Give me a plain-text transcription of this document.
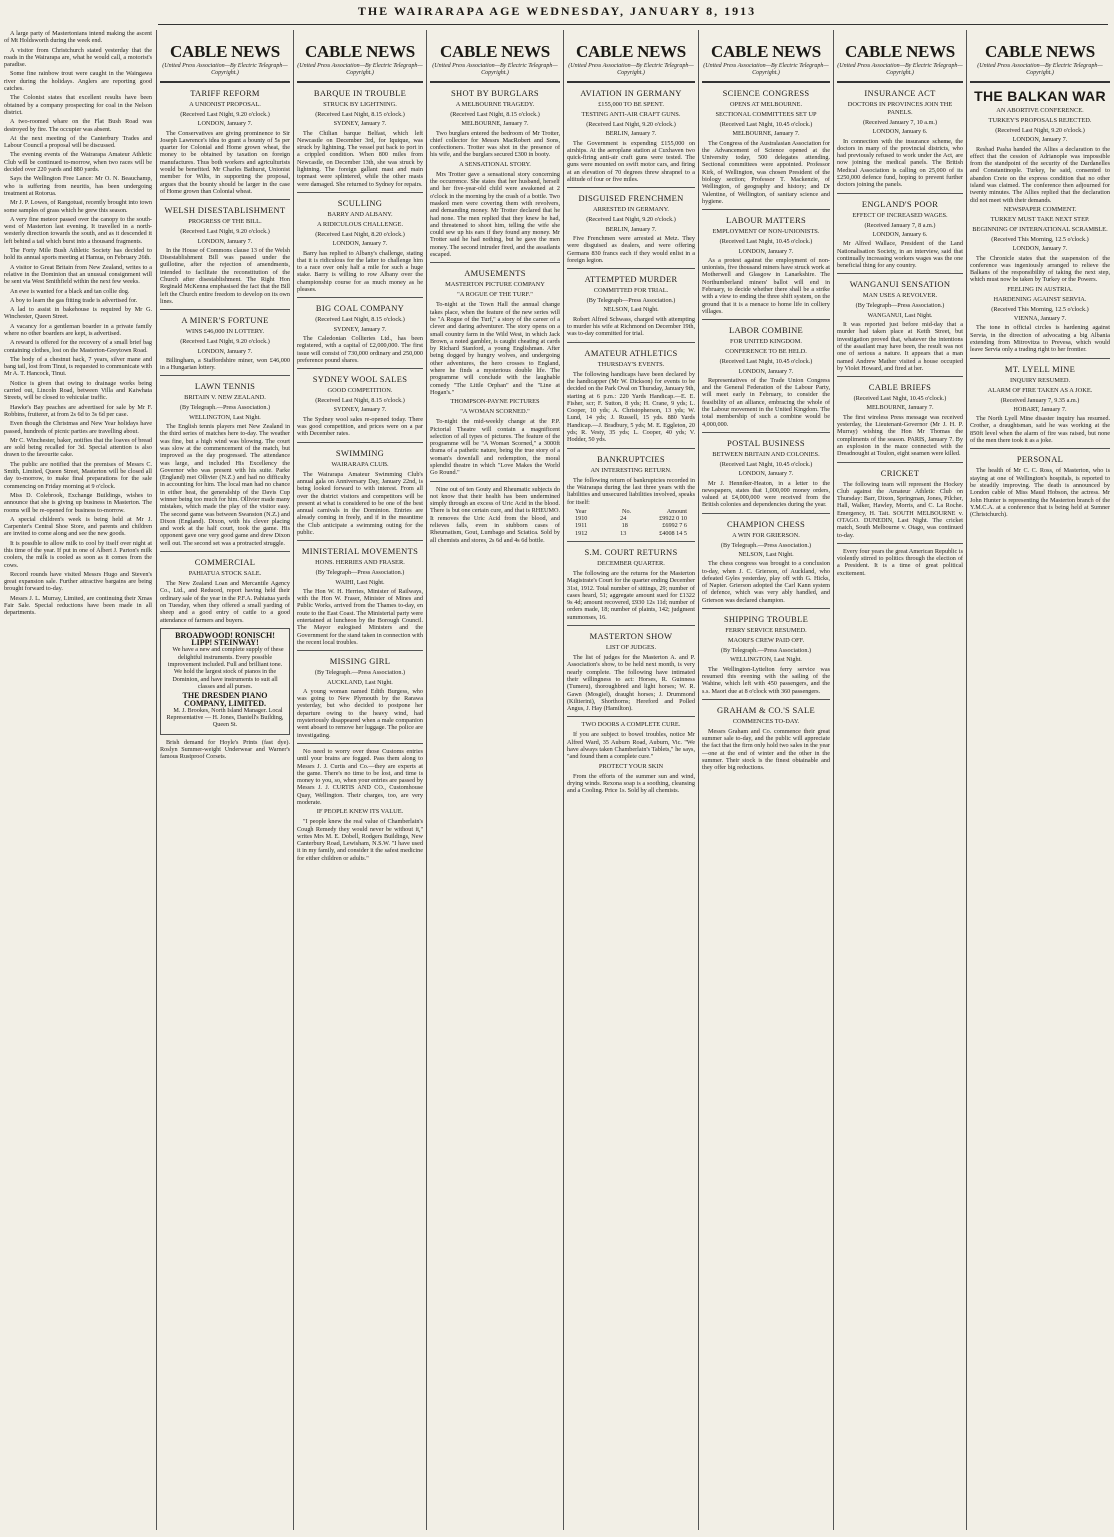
THE WAIRARAPA AGE WEDNESDAY, JANUARY 8, 1913

A large party of Mastertonians intend making the ascent of Mt Holdsworth during the week end.

A visitor from Christchurch stated yesterday that the roads in the Wairarapa are, what he would call, a motorist's paradise.

Some fine rainbow trout were caught in the Waingawa river during the holidays. Anglers are reporting good catches.

The Colonist states that excellent results have been obtained by a company prospecting for coal in the Nelson district.

A two-roomed whare on the Flat Bush Road was destroyed by fire. The occupier was absent.

At the next meeting of the Canterbury Trades and Labour Council a proposal will be discussed.

The evening events of the Wairarapa Amateur Athletic Club will be continued to-morrow, when two races will be decided over 220 yards and 880 yards.

Says the Wellington Free Lance: Mr O. N. Beauchamp, who is suffering from neuritis, has been undergoing treatment at Rotorua.

Mr J. P. Lowes, of Rangotuai, recently brought into town some samples of grass which he grew this season.

A very fine meteor passed over the canopy to the south-west of Masterton last evening. It travelled in a north-westerly direction towards the south, and as it descended it left behind a tail which burst into a thousand fragments.

The Forty Mile Bush Athletic Society has decided to hold its annual sports meeting at Hamua, on February 26th.

A visitor to Great Britain from New Zealand, writes to a relative in the Dominion that an unusual consignment will be sent via West Smithfield within the next few weeks.

An ewe is wanted for a black and tan collie dog.

A boy to learn the gas fitting trade is advertised for.

A lad to assist in bakehouse is required by Mr G. Winchester, Queen Street.

A vacancy for a gentleman boarder in a private family where no other boarders are kept, is advertised.

A reward is offered for the recovery of a small brief bag containing clothes, lost on the Masterton-Greytown Road.

The body of a chestnut hack, 7 years, silver mane and bang tail, lost from Tinui, is requested to communicate with Mr A. T. Hancock, Tinui.

Notice is given that owing to drainage works being carried out, Lincoln Road, between Villa and Kaiwhata Streets, will be closed to vehicular traffic.

Hawke's Bay peaches are advertised for sale by Mr F. Robbins, fruiterer, at from 2s 6d to 3s 6d per case.

Even though the Christmas and New Year holidays have passed, hundreds of picnic parties are travelling about.

Mr C. Winchester, baker, notifies that the loaves of bread are sold being recalled for 3d. Special attention is also drawn to the favourite cake.

The public are notified that the premises of Messrs C. Smith, Limited, Queen Street, Masterton will be closed all day to-morrow, to make final preparations for the sale commencing on Friday morning at 9 o'clock.

Miss D. Colebrook, Exchange Buildings, wishes to announce that she is giving up business in Masterton. The rooms will be re-opened for business to-morrow.

A special children's week is being held at Mr J. Carpenter's Central Shoe Store, and parents and children are invited to come along and see the new goods.

It is possible to allow milk to cool by itself over night at this time of the year. If put in one of Albert J. Parton's milk coolers, the milk is cooled as soon as it comes from the cows.

Record rounds have visited Messrs Hugo and Steven's great expansion sale. Further attractive bargains are being brought forward to-day.

Messrs J. L. Murray, Limited, are continuing their Xmas Fair Sale. Special reductions have been made in all departments.

CABLE NEWS
(United Press Association—By Electric Telegraph—Copyright.)
TARIFF REFORM
A UNIONIST PROPOSAL.
(Received Last Night, 9.20 o'clock.)
LONDON, January 7.

The Conservatives are giving prominence to Sir Joseph Lawrence's idea to grant a bounty of 5s per quarter for Colonial and Home grown wheat, the money to be obtained by taxation on foreign manufactures. Thus both workers and agriculturists would be benefited. Mr Charles Bathurst, Unionist member for Wilts, in supporting the proposal, argues that the bounty should be larger in the case of Home grown than Colonial wheat.

WELSH DISESTABLISHMENT
PROGRESS OF THE BILL.
(Received Last Night, 9.20 o'clock.)
LONDON, January 7.

In the House of Commons clause 13 of the Welsh Disestablishment Bill was passed under the guillotine, after the rejection of amendments, intended to facilitate the reconstitution of the Church after disestablishment. The Right Hon Reginald McKenna emphasised the fact that the Bill left the Church entire freedom to develop on its own lines.

A MINER'S FORTUNE
WINS £46,000 IN LOTTERY.
(Received Last Night, 9.20 o'clock.)
LONDON, January 7.

Billingham, a Staffordshire miner, won £46,000 in a Hungarian lottery.

LAWN TENNIS
BRITAIN V. NEW ZEALAND.
(By Telegraph.—Press Association.)
WELLINGTON, Last Night.

The English tennis players met New Zealand in the third series of matches here to-day. The weather was fine, but a high wind was blowing. The court was slow at the commencement of the match, but improved as the day progressed. The attendance was large, and included His Excellency the Governor who was present with his suite. Parke (England) met Ollivier (N.Z.) and had no difficulty in accounting for him. The local man had no chance in either heat, the generalship of the Davis Cup winner being too much for him. Ollivier made many mistakes, which made the play of the visitor easy. The second game was between Swanston (N.Z.) and Dixon (England). Dixon, with his clever placing and work at the half court, took the game. His opponent gave one very good game and drew Dixon well out. The second set was a protracted struggle.

COMMERCIAL
PAHIATUA STOCK SALE.

The New Zealand Loan and Mercantile Agency Co., Ltd., and Reduced, report having held their ordinary sale of the year in the P.F.A. Pahiatua yards on Tuesday, when they offered a small yarding of sheep and a good entry of cattle to a good attendance of farmers and buyers.

BROADWOOD! RONISCH! LIPP! STEINWAY!

We have a new and complete supply of these delightful instruments. Every possible improvement included. Full and brilliant tone. We hold the largest stock of pianos in the Dominion, and have instruments to suit all classes and all purses.

THE DRESDEN PIANO COMPANY, LIMITED.

M. J. Brookes, North Island Manager. Local Representative — H. Jones, Daniell's Building, Queen St.

Brish demand for Hoyle's Prints (fast dye). Roslyn Summer-weight Underwear and Warner's famous Rustproof Corsets.

CABLE NEWS
(United Press Association—By Electric Telegraph—Copyright.)
BARQUE IN TROUBLE
STRUCK BY LIGHTNING.
(Received Last Night, 8.15 o'clock.)
SYDNEY, January 7.

The Chilian barque Belfast, which left Newcastle on December 3rd, for Iquique, was struck by lightning. The vessel put back to port in a crippled condition. When 800 miles from Newcastle, on December 13th, she was struck by lightning. The foreign gallant mast and main topmast were splintered, while the other masts were damaged. She returned to Sydney for repairs.

SCULLING
BARRY AND ALBANY.
A RIDICULOUS CHALLENGE.
(Received Last Night, 8.20 o'clock.)
LONDON, January 7.

Barry has replied to Albany's challenge, stating that it is ridiculous for the latter to challenge him to a race over only half a mile for such a huge stake. Barry is willing to row Albany over the championship course for as much money as he pleases.

BIG COAL COMPANY
(Received Last Night, 8.15 o'clock.)
SYDNEY, January 7.

The Caledonian Collieries Ltd., has been registered, with a capital of £2,000,000. The first issue will consist of 730,000 ordinary and 250,000 preference pound shares.

SYDNEY WOOL SALES
GOOD COMPETITION.
(Received Last Night, 8.15 o'clock.)
SYDNEY, January 7.

The Sydney wool sales re-opened today. There was good competition, and prices were on a par with December rates.

SWIMMING
WAIRARAPA CLUB.

The Wairarapa Amateur Swimming Club's annual gala on Anniversary Day, January 22nd, is being looked forward to with interest. From all over the district visitors and competitors will be present at what is considered to be one of the best annual carnivals in the Dominion. Entries are already coming in freely, and if in the meantime the Club anticipate a swimming outing for the public.

MINISTERIAL MOVEMENTS
HONS. HERRIES AND FRASER.
(By Telegraph—Press Association.)
WAIHI, Last Night.

The Hon W. H. Herries, Minister of Railways, with the Hon W. Fraser, Minister of Mines and Public Works, arrived from the Thames to-day, en route to the East Coast. The Ministerial party were entertained at luncheon by the Borough Council. The Mayor eulogised Ministers and the Government for the stand taken in connection with the recent local troubles.

MISSING GIRL
(By Telegraph.—Press Association.)
AUCKLAND, Last Night.

A young woman named Edith Burgess, who was going to New Plymouth by the Rarawa yesterday, but who decided to postpone her departure owing to the heavy wind, had mysteriously disappeared when a male companion went aboard to remove her luggage. The police are investigating.

No need to worry over those Customs entries until your brains are fogged. Pass them along to Messrs J. J. Curtis and Co.—they are experts at the game. There's no time to be lost, and time is money to you, so, when your entries are passed by Messrs J. J. CURTIS AND CO., Customhouse Quay, Wellington. Their charges, too, are very moderate.

IF PEOPLE KNEW ITS VALUE.

"I people knew the real value of Chamberlain's Cough Remedy they would never be without it," writes Mrs M. E. Dobell, Rodgers Buildings, New Canterbury Road, Lewisham, N.S.W. "I have used it in my family, and consider it the safest medicine for either children or adults."

CABLE NEWS
(United Press Association—By Electric Telegraph—Copyright.)
SHOT BY BURGLARS
A MELBOURNE TRAGEDY.
(Received Last Night, 8.15 o'clock.)
MELBOURNE, January 7.

Two burglars entered the bedroom of Mr Trotter, chief collector for Messrs MacRobert and Sons, confectioners. Trotter was shot in the presence of his wife, and the burglars secured £300 in booty.

A SENSATIONAL STORY.

Mrs Trotter gave a sensational story concerning the occurrence. She states that her husband, herself and her five-year-old child were awakened at 2 o'clock in the morning by the crash of a bottle. Two masked men were covering them with revolvers, and demanding money. Mr Trotter declared that he had none. The men replied that they knew he had, and threatened to shoot him, telling the wife she could sew up his ears if they found any money. Mr Trotter said he had nothing, but he gave the men money. The second intruder fired, and the assailants escaped.

AMUSEMENTS
MASTERTON PICTURE COMPANY
"A ROGUE OF THE TURF."

To-night at the Town Hall the annual change takes place, when the feature of the new series will be "A Rogue of the Turf," a story of the career of a clever and daring adventurer. The story opens on a small country farm in the Wild West, in which Jack Brown, a noted gambler, is caught cheating at cards by Richard Stanford, a young Englishman. After being dogged by hungry wolves, and undergoing other adventures, the hero crosses to England, where he finds a mysterious double life. The programme will conclude with the laughable comedy "The Little Orphan" and the "Line at Hogan's."

THOMPSON-PAYNE PICTURES
"A WOMAN SCORNED."

To-night the mid-weekly change at the P.P. Pictorial Theatre will contain a magnificent selection of all types of pictures. The feature of the programme will be "A Woman Scorned," a 3000ft drama of a pathetic nature, being the true story of a woman's downfall and redemption, the moral splendid theatre in which "Love Makes the World Go Round."

Nine out of ten Gouty and Rheumatic subjects do not know that their health has been undermined simply through an excess of Uric Acid in the blood. There is but one certain cure, and that is RHEUMO. It removes the Uric Acid from the blood, and relieves falls, even in stubborn cases of Rheumatism, Gout, Lumbago and Sciatica. Sold by all chemists and stores, 2s 6d and 4s 6d bottle.

CABLE NEWS
(United Press Association—By Electric Telegraph—Copyright.)
AVIATION IN GERMANY
£155,000 TO BE SPENT.
TESTING ANTI-AIR CRAFT GUNS.
(Received Last Night, 9.20 o'clock.)
BERLIN, January 7.

The Government is expending £155,000 on airships. At the aeroplane station at Cuxhaven two quick-firing anti-air craft guns were tested. The guns were mounted on swift motor cars, and firing at an elevation of 70 degrees threw shrapnel to a altitude of four or five miles.

DISGUISED FRENCHMEN
ARRESTED IN GERMANY.
(Received Last Night, 9.20 o'clock.)
BERLIN, January 7.

Five Frenchmen were arrested at Metz. They were disguised as dealers, and were offering Germans 830 francs each if they would enlist in a foreign legion.

ATTEMPTED MURDER
COMMITTED FOR TRIAL.
(By Telegraph—Press Association.)
NELSON, Last Night.

Robert Alfred Schwass, charged with attempting to murder his wife at Richmond on December 19th, was to-day committed for trial.

AMATEUR ATHLETICS
THURSDAY'S EVENTS.

The following handicaps have been declared by the handicapper (Mr W. Dickson) for events to be decided on the Park Oval on Thursday, January 9th, starting at 6 p.m.: 220 Yards Handicap.—E. E. Fisher, scr; F. Sutton, 8 yds; H. Crane, 9 yds; L. Cooper, 10 yds; A. Christopherson, 13 yds; W. Lund, 14 yds; J. Russell, 15 yds. 880 Yards Handicap.—J. Bradbury, 5 yds; M. E. Eggleton, 20 yds; R. Vesty, 35 yds; L. Cooper, 40 yds; V. Hodder, 50 yds.

BANKRUPTCIES
AN INTERESTING RETURN.

The following return of bankruptcies recorded in the Wairarapa during the last three years with the liabilities and unsecured liabilities involved, speaks for itself:

Year	No.	Amount
1910	24	£9922 0 10
1911	18	£6992 7 6
1912	13	£4008 14 5
S.M. COURT RETURNS
DECEMBER QUARTER.

The following are the returns for the Masterton Magistrate's Court for the quarter ending December 31st, 1912. Total number of sittings, 29; number of cases heard, 51; aggregate amount sued for £1322 9s 4d; amount recovered, £930 12s 11d; number of orders made, 18; number of plaints, 142; judgment summonses, 16.

MASTERTON SHOW
LIST OF JUDGES.

The list of judges for the Masterton A. and P. Association's show, to be held next month, is very nearly complete. The following have intimated their willingness to act: Horses, R. Guinness (Tumeru), thoroughbred and light horses; W. R. Gawn (Mosgiel), draught horses; J. Drummond (Kiltierini), Shorthorns; Hereford and Polled Angus, J. Hay (Hamilton).

TWO DOORS A COMPLETE CURE.

If you are subject to bowel troubles, notice Mr Alfred Ward, 35 Auburn Road, Auburn, Vic. "We have always taken Chamberlain's Tablets," he says, "and found them a complete cure."

PROTECT YOUR SKIN

From the efforts of the summer sun and wind, drying winds. Rexona soap is a soothing, cleansing and a Cooling. Price 1s. Sold by all chemists.

CABLE NEWS
(United Press Association—By Electric Telegraph—Copyright.)
SCIENCE CONGRESS
OPENS AT MELBOURNE.
SECTIONAL COMMITTEES SET UP
(Received Last Night, 10.45 o'clock.)
MELBOURNE, January 7.

The Congress of the Australasian Association for the Advancement of Science opened at the University today, 500 delegates attending. Sectional committees were appointed. Professor Kirk, of Wellington, was chosen President of the biology section; Professor T. Mackenzie, of Wellington, of geography and history; and Dr Valentine, of Wellington, of sanitary science and hygiene.

LABOUR MATTERS
EMPLOYMENT OF NON-UNIONISTS.
(Received Last Night, 10.45 o'clock.)
LONDON, January 7.

As a protest against the employment of non-unionists, five thousand miners have struck work at Motherwell and Glasgow in Lanarkshire. The Northumberland miners' ballot will end in February, to decide whether there shall be a strike with a view to ending the three shift system, on the ground that it is a menace to home life in colliery villages.

LABOR COMBINE
FOR UNITED KINGDOM.
CONFERENCE TO BE HELD.
(Received Last Night, 10.45 o'clock.)
LONDON, January 7.

Representatives of the Trade Union Congress and the General Federation of the Labour Party, will meet early in February, to consider the feasibility of an alliance, embracing the whole of the Labour movement in the United Kingdom. The total membership of such a combine would be 4,000,000.

POSTAL BUSINESS
BETWEEN BRITAIN AND COLONIES.
(Received Last Night, 10.45 o'clock.)
LONDON, January 7.

Mr J. Henniker-Heaton, in a letter to the newspapers, states that 1,000,000 money orders, valued at £4,000,000 were received from the British colonies and dependencies during the year.

CHAMPION CHESS
A WIN FOR GRIERSON.
(By Telegraph.—Press Association.)
NELSON, Last Night.

The chess congress was brought to a conclusion to-day, when J. C. Grierson, of Auckland, who defeated Gyles yesterday, play off with G. Hicks, of Napier. Grierson adopted the Carl Kann system of defence, which was very ably handled, and Grierson was declared champion.

SHIPPING TROUBLE
FERRY SERVICE RESUMED.
MAORI'S CREW PAID OFF.
(By Telegraph.—Press Association.)
WELLINGTON, Last Night.

The Wellington-Lyttelton ferry service was resumed this evening with the sailing of the Wahine, which left with 450 passengers, and the s.s. Maori due at 8 o'clock with 360 passengers.

GRAHAM & CO.'S SALE
COMMENCES TO-DAY.

Messrs Graham and Co. commence their great summer sale to-day, and the public will appreciate the fact that the firm only hold two sales in the year—one at the end of winter and the other in the summer. Their stock is the finest obtainable and they offer big reductions.

CABLE NEWS
(United Press Association—By Electric Telegraph—Copyright.)
INSURANCE ACT
DOCTORS IN PROVINCES JOIN THE PANELS.
(Received January 7, 10 a.m.)
LONDON, January 6.

In connection with the insurance scheme, the doctors in many of the provincial districts, who had previously refused to work under the Act, are now joining the medical panels. The British Medical Association is calling on 25,000 of its £250,000 defence fund, hoping to prevent further doctors joining the panels.

ENGLAND'S POOR
EFFECT OF INCREASED WAGES.
(Received January 7, 8 a.m.)
LONDON, January 6.

Mr Alfred Wallace, President of the Land Nationalisation Society, in an interview, said that continually increasing workers wages was the one beneficial thing for any country.

WANGANUI SENSATION
MAN USES A REVOLVER.
(By Telegraph—Press Association.)
WANGANUI, Last Night.

It was reported just before mid-day that a murder had taken place at Keith Street, but investigation proved that, whatever the intentions of the assailant may have been, the result was not one of serious a nature. It appears that a man named Andrew Mather visited a house occupied by Violet Howard, and fired at her.

CABLE BRIEFS
(Received Last Night, 10.45 o'clock.)
MELBOURNE, January 7.

The first wireless Press message was received yesterday, the Lieutenant-Governor (Mr J. H. P. Murray) wishing the Hon Mr Thomas the compliments of the season. PARIS, January 7. By an explosion in the maze connected with the Dreadnought at Toulon, eight seamen were killed.

CRICKET

The following team will represent the Hockey Club against the Amateur Athletic Club on Thursday: Barr, Dixon, Springman, Jones, Pilcher, Hall, Walker, Hawley, Morris, and C. La Roche. Emergency, H. Tait. SOUTH MELBOURNE v. OTAGO. DUNEDIN, Last Night. The cricket match, South Melbourne v. Otago, was continued to-day.

Every four years the great American Republic is violently stirred to politics through the election of a President. It is a time of great political excitement.

CABLE NEWS
(United Press Association—By Electric Telegraph—Copyright.)
THE BALKAN WAR
AN ABORTIVE CONFERENCE.
TURKEY'S PROPOSALS REJECTED.
(Received Last Night, 9.20 o'clock.)
LONDON, January 7.

Reshad Pasha handed the Allies a declaration to the effect that the cession of Adrianople was impossible from the standpoint of the security of the Dardanelles and Constantinople. Turkey, he said, consented to abandon Crete on the express condition that no other island was claimed. The conference then adjourned for twenty minutes. The Allies replied that the declaration did not meet with their demands.

NEWSPAPER COMMENT.
TURKEY MUST TAKE NEXT STEP.
BEGINNING OF INTERNATIONAL SCRAMBLE.
(Received This Morning, 12.5 o'clock.)
LONDON, January 7.

The Chronicle states that the suspension of the conference was ingeniously arranged to relieve the Balkans of the responsibility of taking the next step, which must now be taken by Turkey or the Powers.

FEELING IN AUSTRIA.
HARDENING AGAINST SERVIA.
(Received This Morning, 12.5 o'clock.)
VIENNA, January 7.

The tone in official circles is hardening against Servia, in the direction of advocating a big Albania extending from Mitrovitza to Prevesa, which would leave Servia only a trading right to her frontier.

MT. LYELL MINE
INQUIRY RESUMED.
ALARM OF FIRE TAKEN AS A JOKE.
(Received January 7, 9.35 a.m.)
HOBART, January 7.

The North Lyell Mine disaster inquiry has resumed. Crother, a draughtsman, said he was working at the 850ft level when the alarm of fire was raised, but none of the men there took it as a joke.

PERSONAL

The health of Mr C. C. Ross, of Masterton, who is staying at one of Wellington's hospitals, is reported to be steadily improving. The death is announced by London cable of Miss Maud Hobson, the actress. Mr John Hunter is representing the Masterton branch of the Y.M.C.A. at a conference that is being held at Sumner (Christchurch).
